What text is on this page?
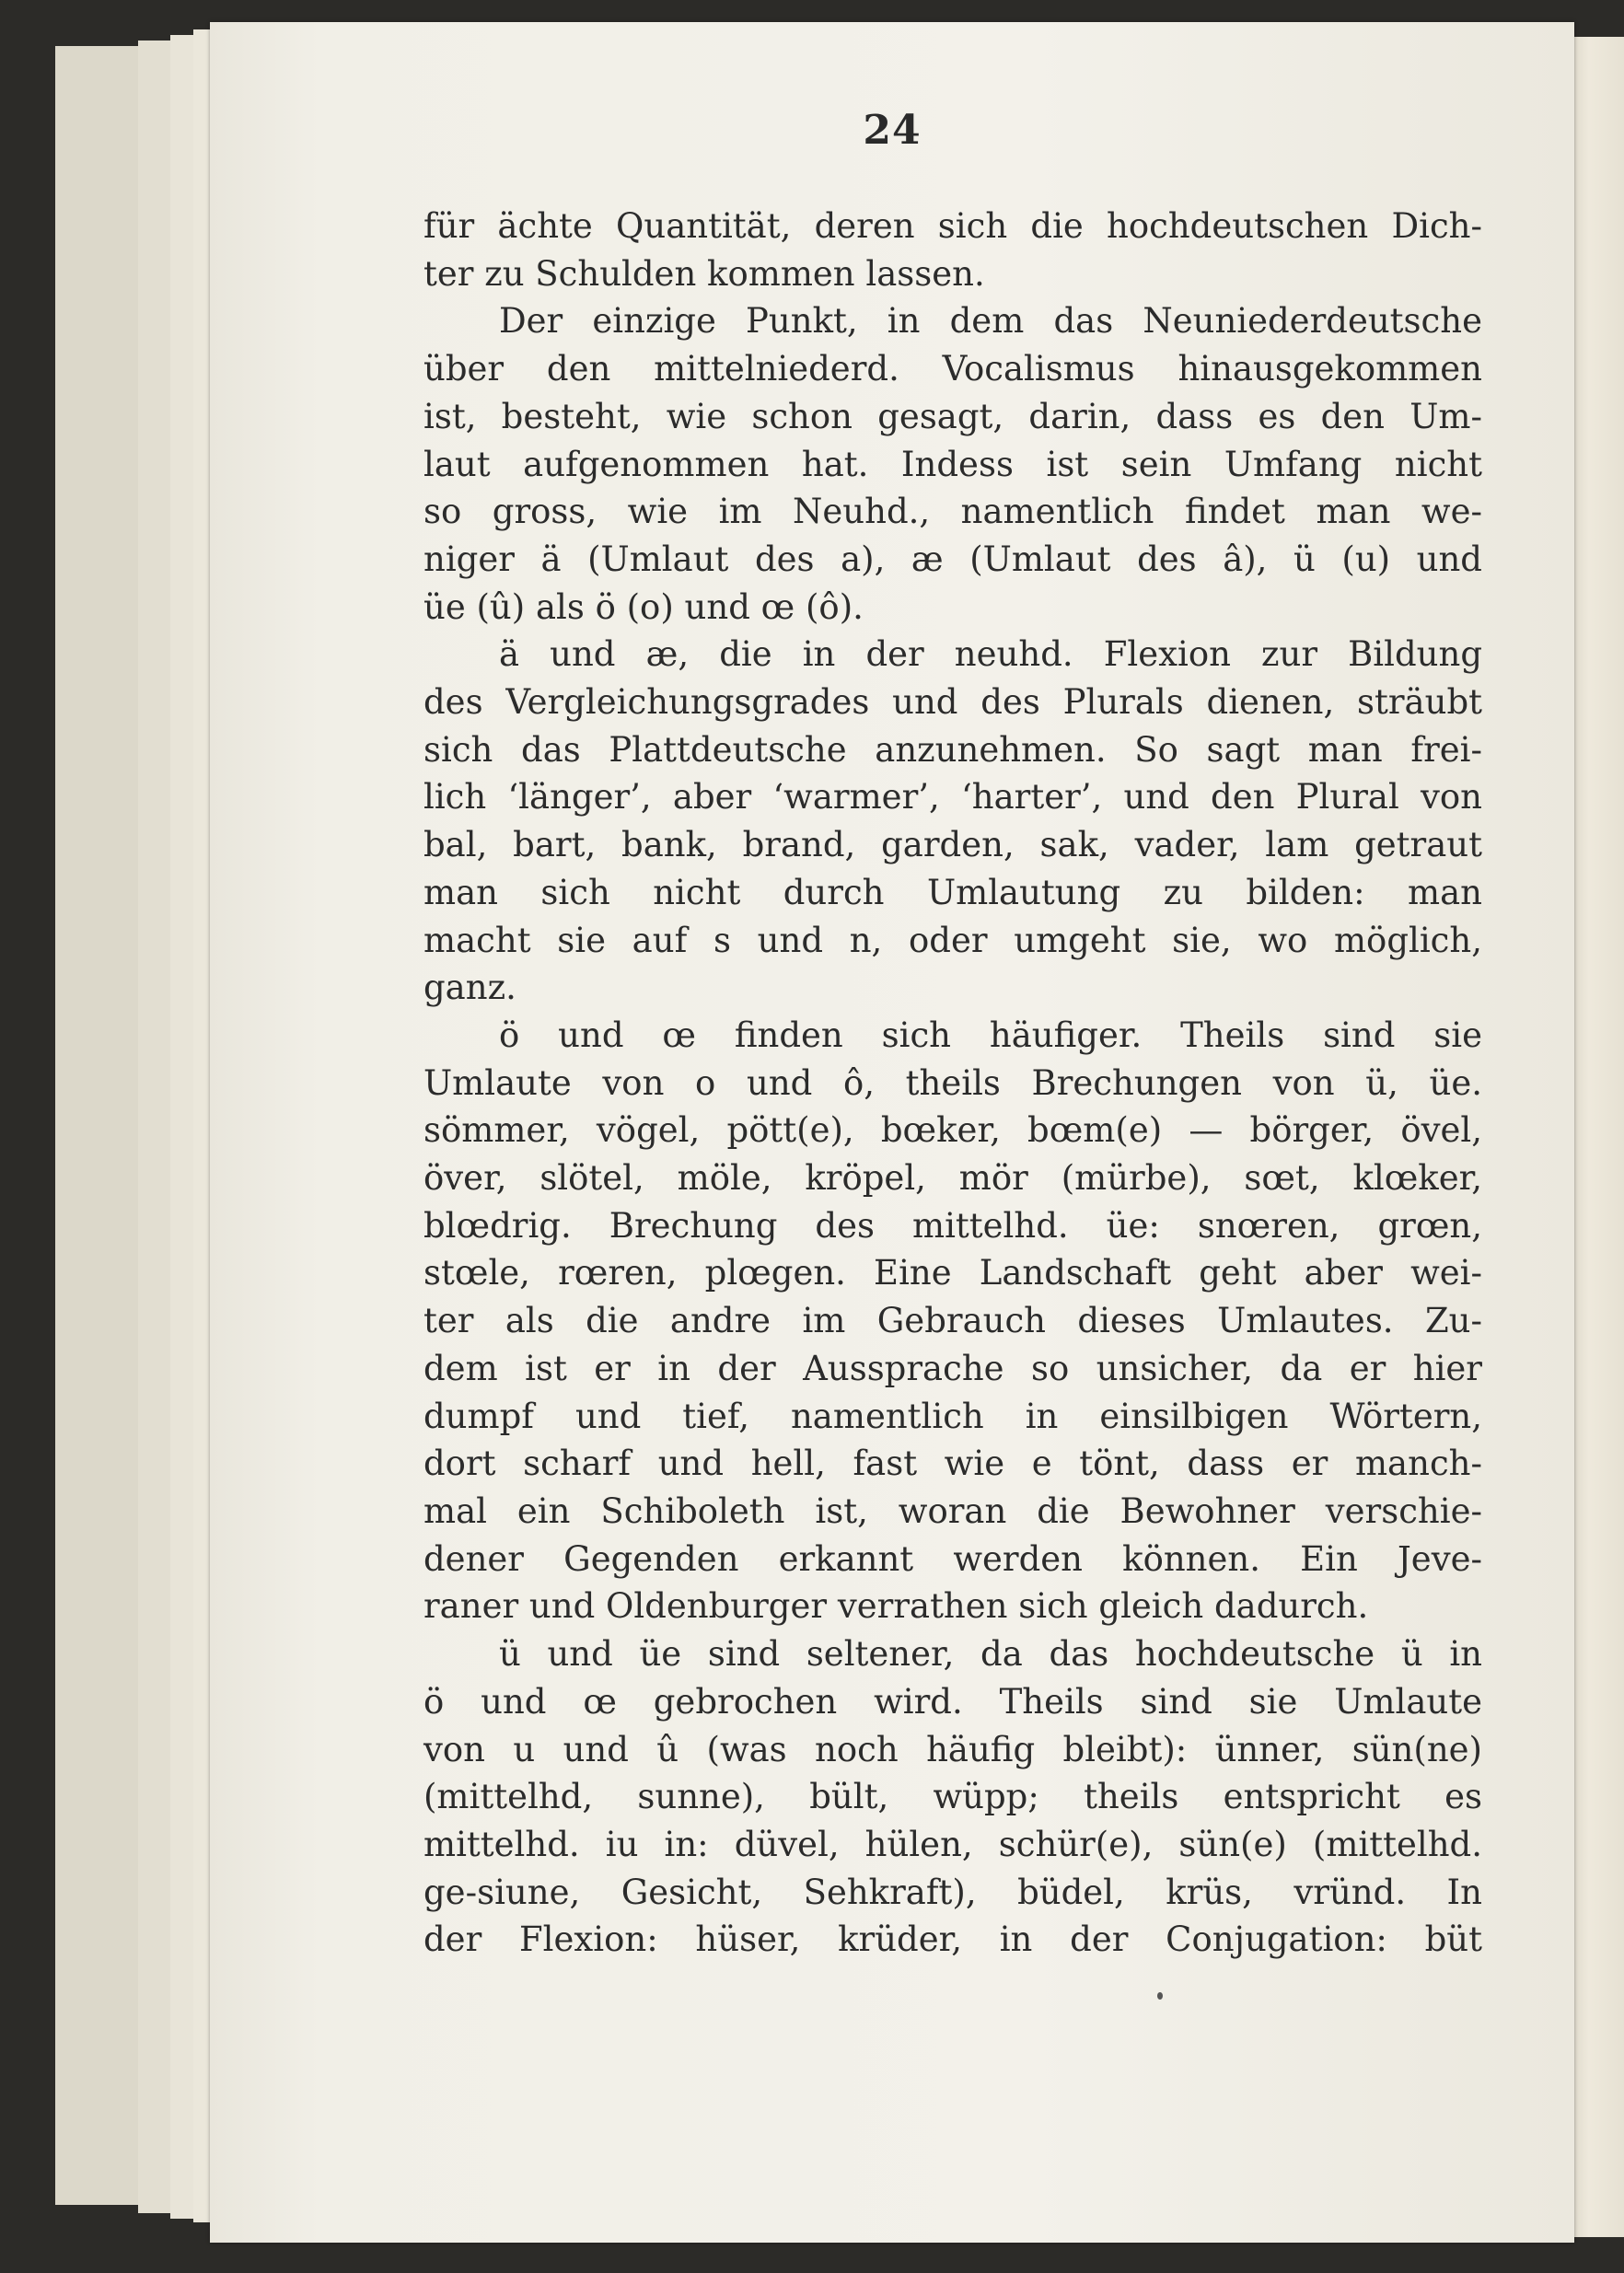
24
für ächte Quantität, deren sich die hochdeutschen Dich-
ter zu Schulden kommen lassen.
Der einzige Punkt, in dem das Neuniederdeutsche
über den mittelniederd. Vocalismus hinausgekommen
ist, besteht, wie schon gesagt, darin, dass es den Um-
laut aufgenommen hat. Indess ist sein Umfang nicht
so gross, wie im Neuhd., namentlich findet man we-
niger ä (Umlaut des a), æ (Umlaut des â), ü (u) und
üe (û) als ö (o) und œ (ô).
ä und æ, die in der neuhd. Flexion zur Bildung
des Vergleichungsgrades und des Plurals dienen, sträubt
sich das Plattdeutsche anzunehmen. So sagt man frei-
lich ‘länger’, aber ‘warmer’, ‘harter’, und den Plural von
bal, bart, bank, brand, garden, sak, vader, lam getraut
man sich nicht durch Umlautung zu bilden: man
macht sie auf s und n, oder umgeht sie, wo möglich,
ganz.
ö und œ finden sich häufiger. Theils sind sie
Umlaute von o und ô, theils Brechungen von ü, üe.
sömmer, vögel, pött(e), bœker, bœm(e) — börger, övel,
över, slötel, möle, kröpel, mör (mürbe), sœt, klœker,
blœdrig. Brechung des mittelhd. üe: snœren, grœn,
stœle, rœren, plœgen. Eine Landschaft geht aber wei-
ter als die andre im Gebrauch dieses Umlautes. Zu-
dem ist er in der Aussprache so unsicher, da er hier
dumpf und tief, namentlich in einsilbigen Wörtern,
dort scharf und hell, fast wie e tönt, dass er manch-
mal ein Schiboleth ist, woran die Bewohner verschie-
dener Gegenden erkannt werden können. Ein Jeve-
raner und Oldenburger verrathen sich gleich dadurch.
ü und üe sind seltener, da das hochdeutsche ü in
ö und œ gebrochen wird. Theils sind sie Umlaute
von u und û (was noch häufig bleibt): ünner, sün(ne)
(mittelhd, sunne), bült, wüpp; theils entspricht es
mittelhd. iu in: düvel, hülen, schür(e), sün(e) (mittelhd.
ge-siune, Gesicht, Sehkraft), büdel, krüs, vründ. In
der Flexion: hüser, krüder, in der Conjugation: büt
